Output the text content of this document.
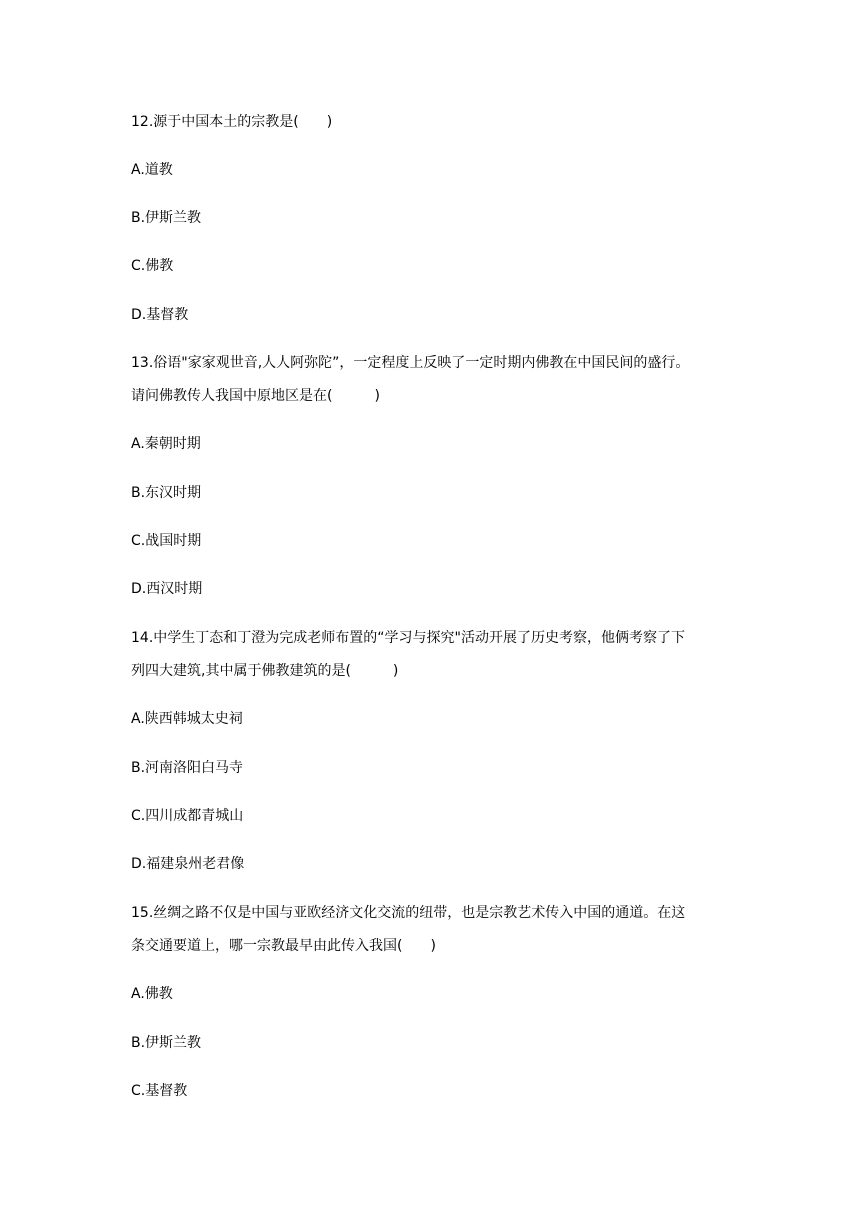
12.源于中国本土的宗教是(　　)
A.道教
B.伊斯兰教
C.佛教
D.基督教
13.俗语"家家观世音,人人阿弥陀”，一定程度上反映了一定时期内佛教在中国民间的盛行。
请问佛教传人我国中原地区是在(　　　)
A.秦朝时期
B.东汉时期
C.战国时期
D.西汉时期
14.中学生丁态和丁澄为完成老师布置的“学习与探究"活动开展了历史考察，他俩考察了下
列四大建筑,其中属于佛教建筑的是(　　　)
A.陕西韩城太史祠
B.河南洛阳白马寺
C.四川成都青城山
D.福建泉州老君像
15.丝绸之路不仅是中国与亚欧经济文化交流的纽带，也是宗教艺术传入中国的通道。在这
条交通要道上，哪一宗教最早由此传入我国(　　)
A.佛教
B.伊斯兰教
C.基督教
